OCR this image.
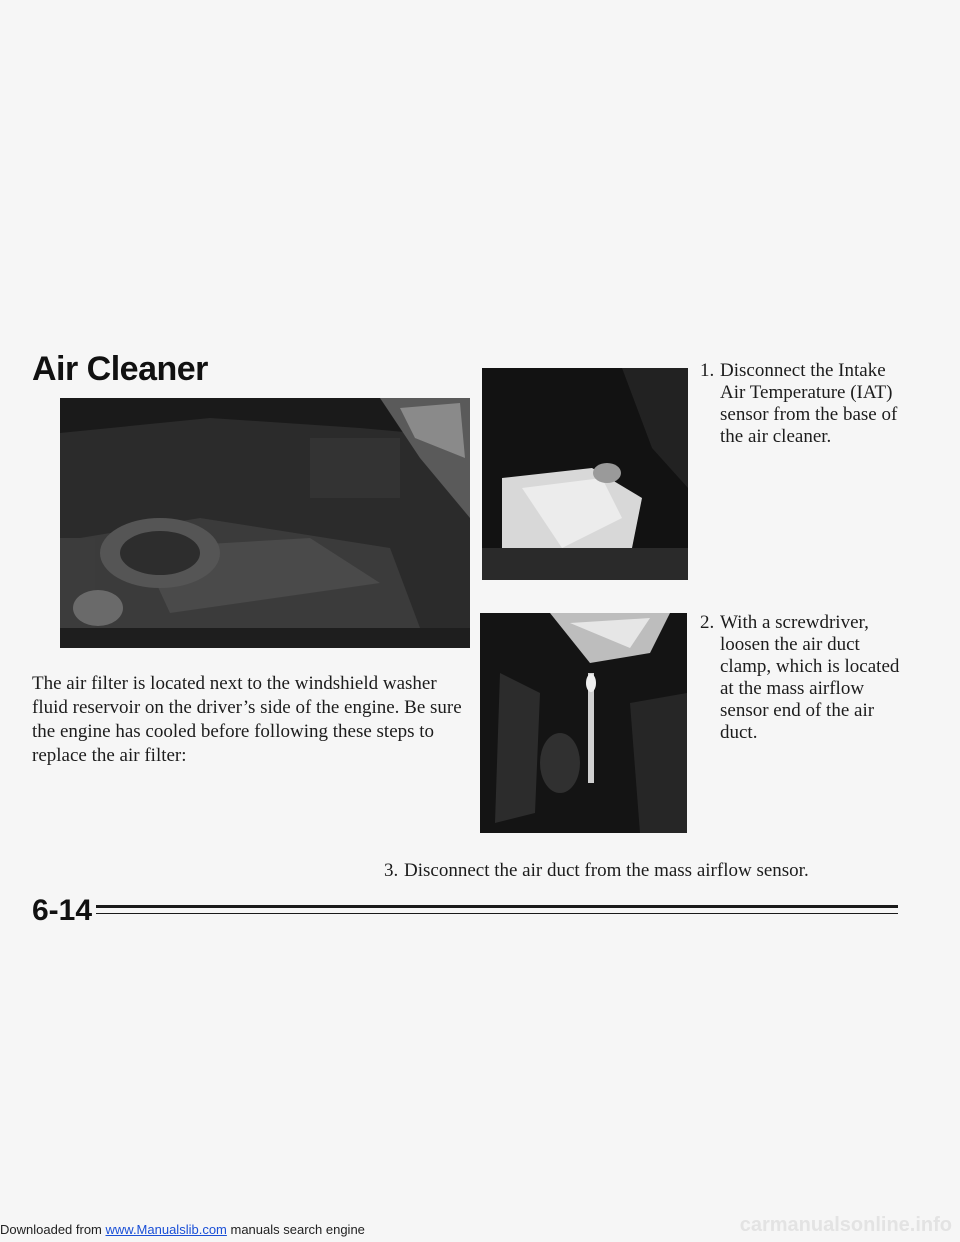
Air Cleaner
The air filter is located next to the windshield washer fluid reservoir on the driver’s side of the engine. Be sure the engine has cooled before following these steps to replace the air filter:
1. Disconnect the Intake Air Temperature (IAT) sensor from the base of the air cleaner.
2. With a screwdriver, loosen the air duct clamp, which is located at the mass airflow sensor end of the air duct.
3. Disconnect the air duct from the mass airflow sensor.
6-14
Downloaded from www.Manualslib.com manuals search engine	carmanualsonline.info
